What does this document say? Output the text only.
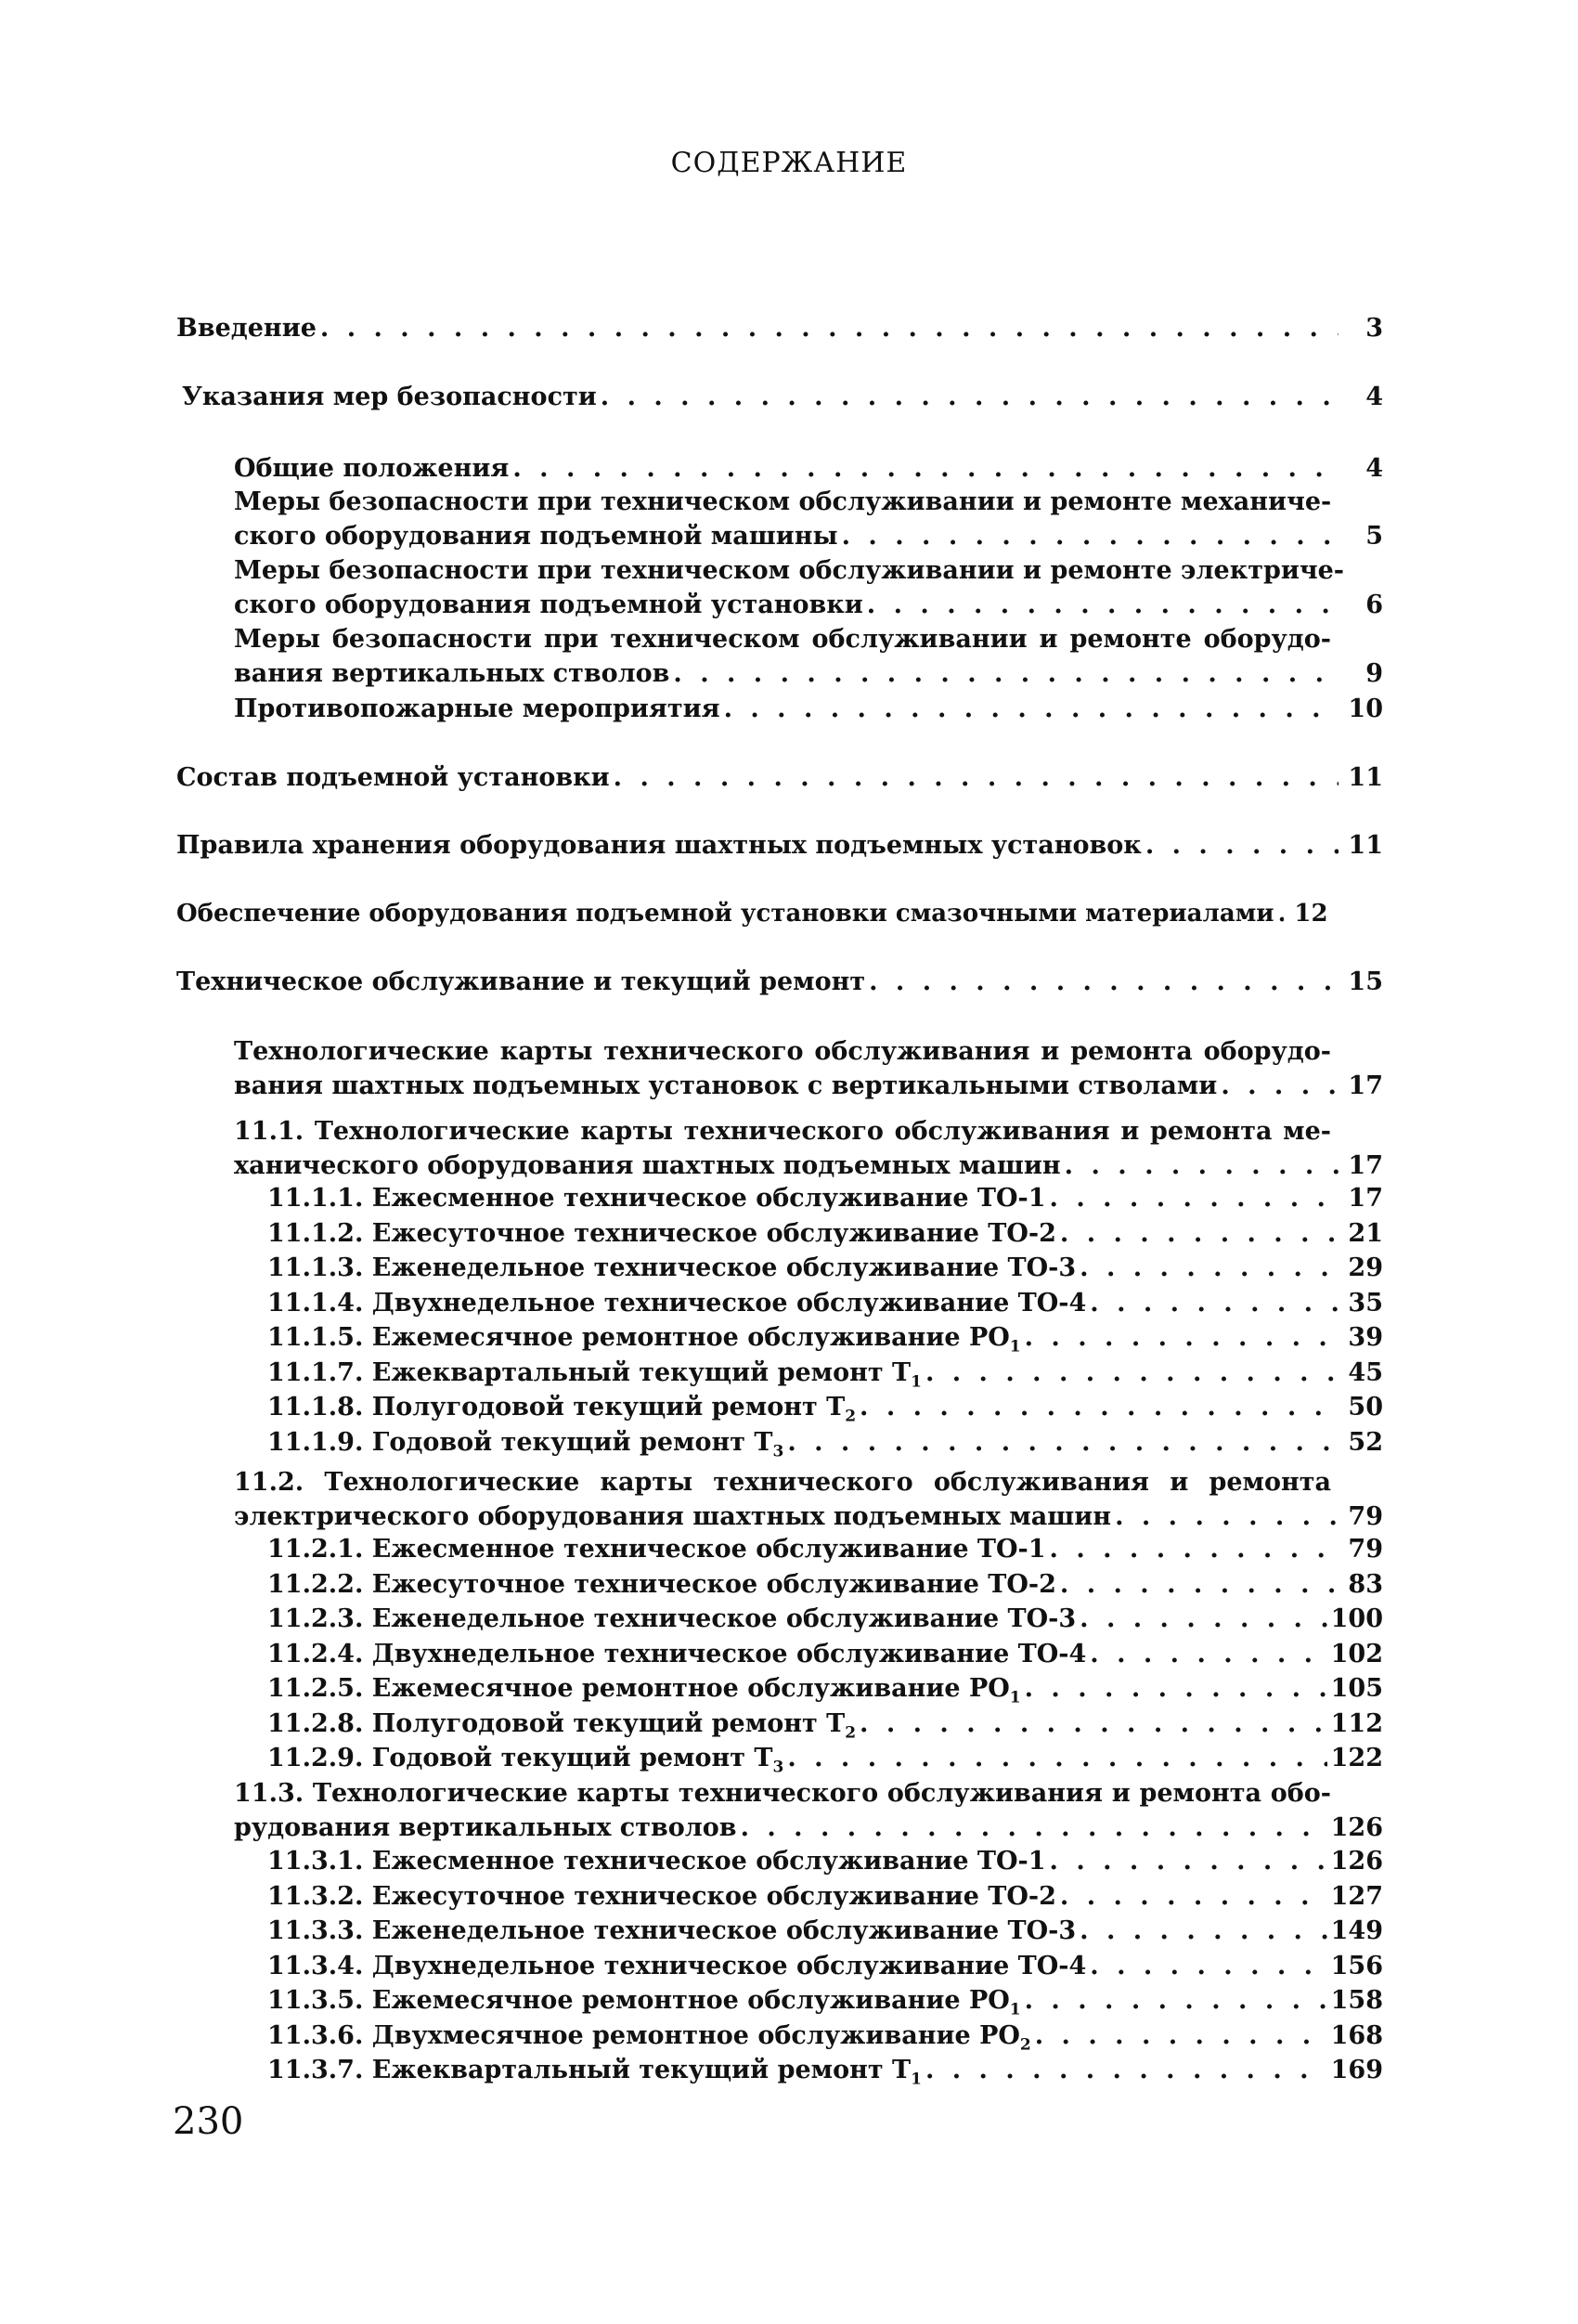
СОДЕРЖАНИЕ
Введение . . .	3
Указания мер безопасности . . .	4
Общие положения . . .	4
Меры безопасности при техническом обслуживании и ремонте механиче-
ского оборудования подъемной машины . . .	5
Меры безопасности при техническом обслуживании и ремонте электриче-
ского оборудования подъемной установки . . .	6
Меры безопасности при техническом обслуживании и ремонте оборудо-
вания вертикальных стволов . . .	9
Противопожарные мероприятия . . .	10
Состав подъемной установки . . .	11
Правила хранения оборудования шахтных подъемных установок . . .	11
Обеспечение оборудования подъемной установки смазочными материалами . . . 12
Техническое обслуживание и текущий ремонт . . .	15
Технологические карты технического обслуживания и ремонта оборудо-
вания шахтных подъемных установок с вертикальными стволами . . .	17
11.1. Технологические карты технического обслуживания и ремонта ме-
ханического оборудования шахтных подъемных машин . . .	17
11.1.1. Ежесменное техническое обслуживание ТО-1 . . .	17
11.1.2. Ежесуточное техническое обслуживание ТО-2 . . .	21
11.1.3. Еженедельное техническое обслуживание ТО-3 . . .	29
11.1.4. Двухнедельное техническое обслуживание ТО-4 . . .	35
11.1.5. Ежемесячное ремонтное обслуживание $РО_1$ . . .	39
11.1.7. Ежеквартальный текущий ремонт $Т_1$ . . .	45
11.1.8. Полугодовой текущий ремонт $Т_2$ . . .	50
11.1.9. Годовой текущий ремонт $Т_3$ . . .	52
11.2. Технологические карты технического обслуживания и ремонта
электрического оборудования шахтных подъемных машин . . .	79
11.2.1. Ежесменное техническое обслуживание ТО-1 . . .	79
11.2.2. Ежесуточное техническое обслуживание ТО-2 . . .	83
11.2.3. Еженедельное техническое обслуживание ТО-3 . . .	100
11.2.4. Двухнедельное техническое обслуживание ТО-4 . . .	102
11.2.5. Ежемесячное ремонтное обслуживание $РО_1$ . . .	105
11.2.8. Полугодовой текущий ремонт $Т_2$ . . .	112
11.2.9. Годовой текущий ремонт $Т_3$ . . .	122
11.3. Технологические карты технического обслуживания и ремонта обо-
рудования вертикальных стволов . . .	126
11.3.1. Ежесменное техническое обслуживание ТО-1 . . .	126
11.3.2. Ежесуточное техническое обслуживание ТО-2 . . .	127
11.3.3. Еженедельное техническое обслуживание ТО-3 . . .	149
11.3.4. Двухнедельное техническое обслуживание ТО-4 . . .	156
11.3.5. Ежемесячное ремонтное обслуживание $РО_1$ . . .	158
11.3.6. Двухмесячное ремонтное обслуживание $РО_2$ . . .	168
11.3.7. Ежеквартальный текущий ремонт $Т_1$ . . .	169
230
